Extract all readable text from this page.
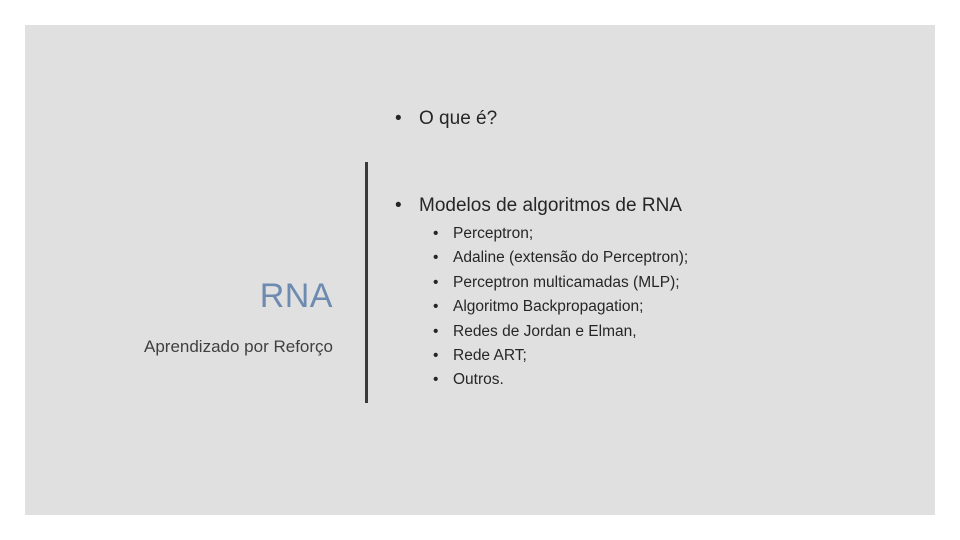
RNA
Aprendizado por Reforço
• O que é?
• Modelos de algoritmos de RNA
• Perceptron;
• Adaline (extensão do Perceptron);
• Perceptron multicamadas (MLP);
• Algoritmo Backpropagation;
• Redes de Jordan e Elman,
• Rede ART;
• Outros.
